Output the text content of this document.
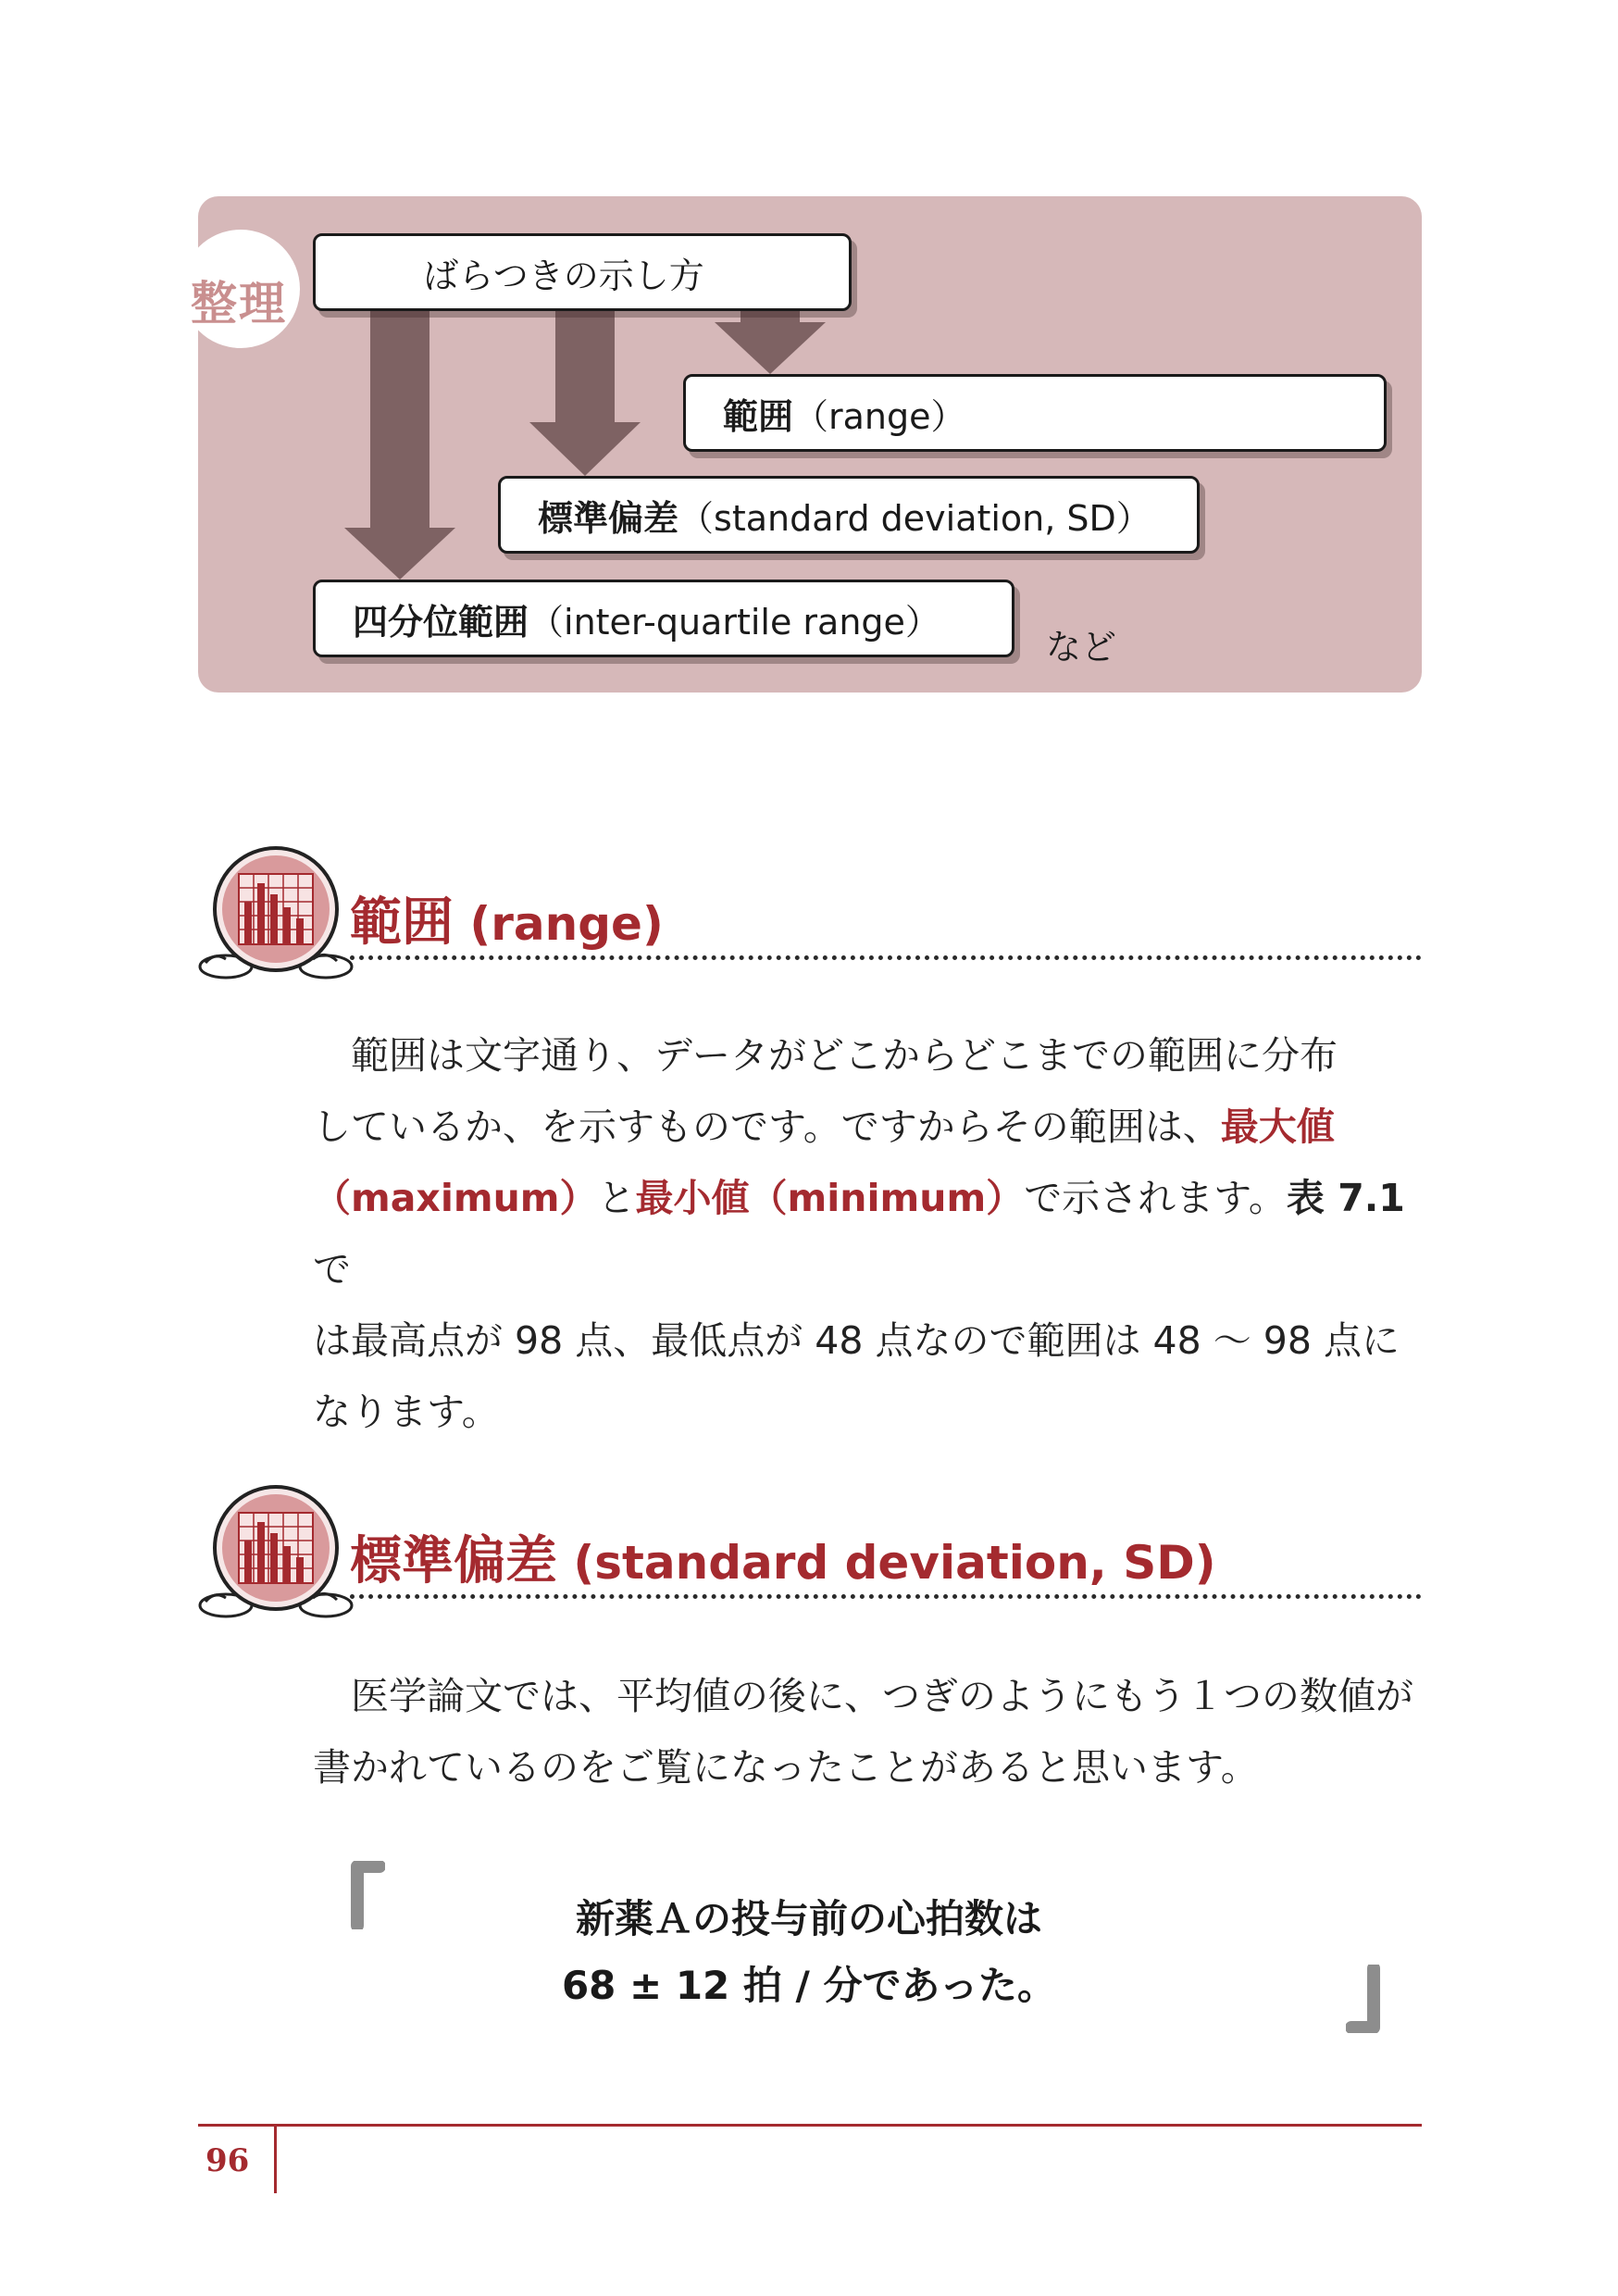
整理
ばらつきの示し方
範囲 （range）
標準偏差 （standard deviation, SD）
四分位範囲 （inter-quartile range）
など
範囲 (range)
範囲は文字通り、データがどこからどこまでの範囲に分布
しているか、を示すものです。ですからその範囲は、最大値
（maximum）と最小値（minimum）で示されます。表 7.1で
は最高点が 98 点、最低点が 48 点なので範囲は 48 〜 98 点に
なります。
標準偏差 (standard deviation, SD)
医学論文では、平均値の後に、つぎのようにもう１つの数値が
書かれているのをご覧になったことがあると思います。
新薬Ａの投与前の心拍数は
68 ± 12 拍 / 分であった。
96
